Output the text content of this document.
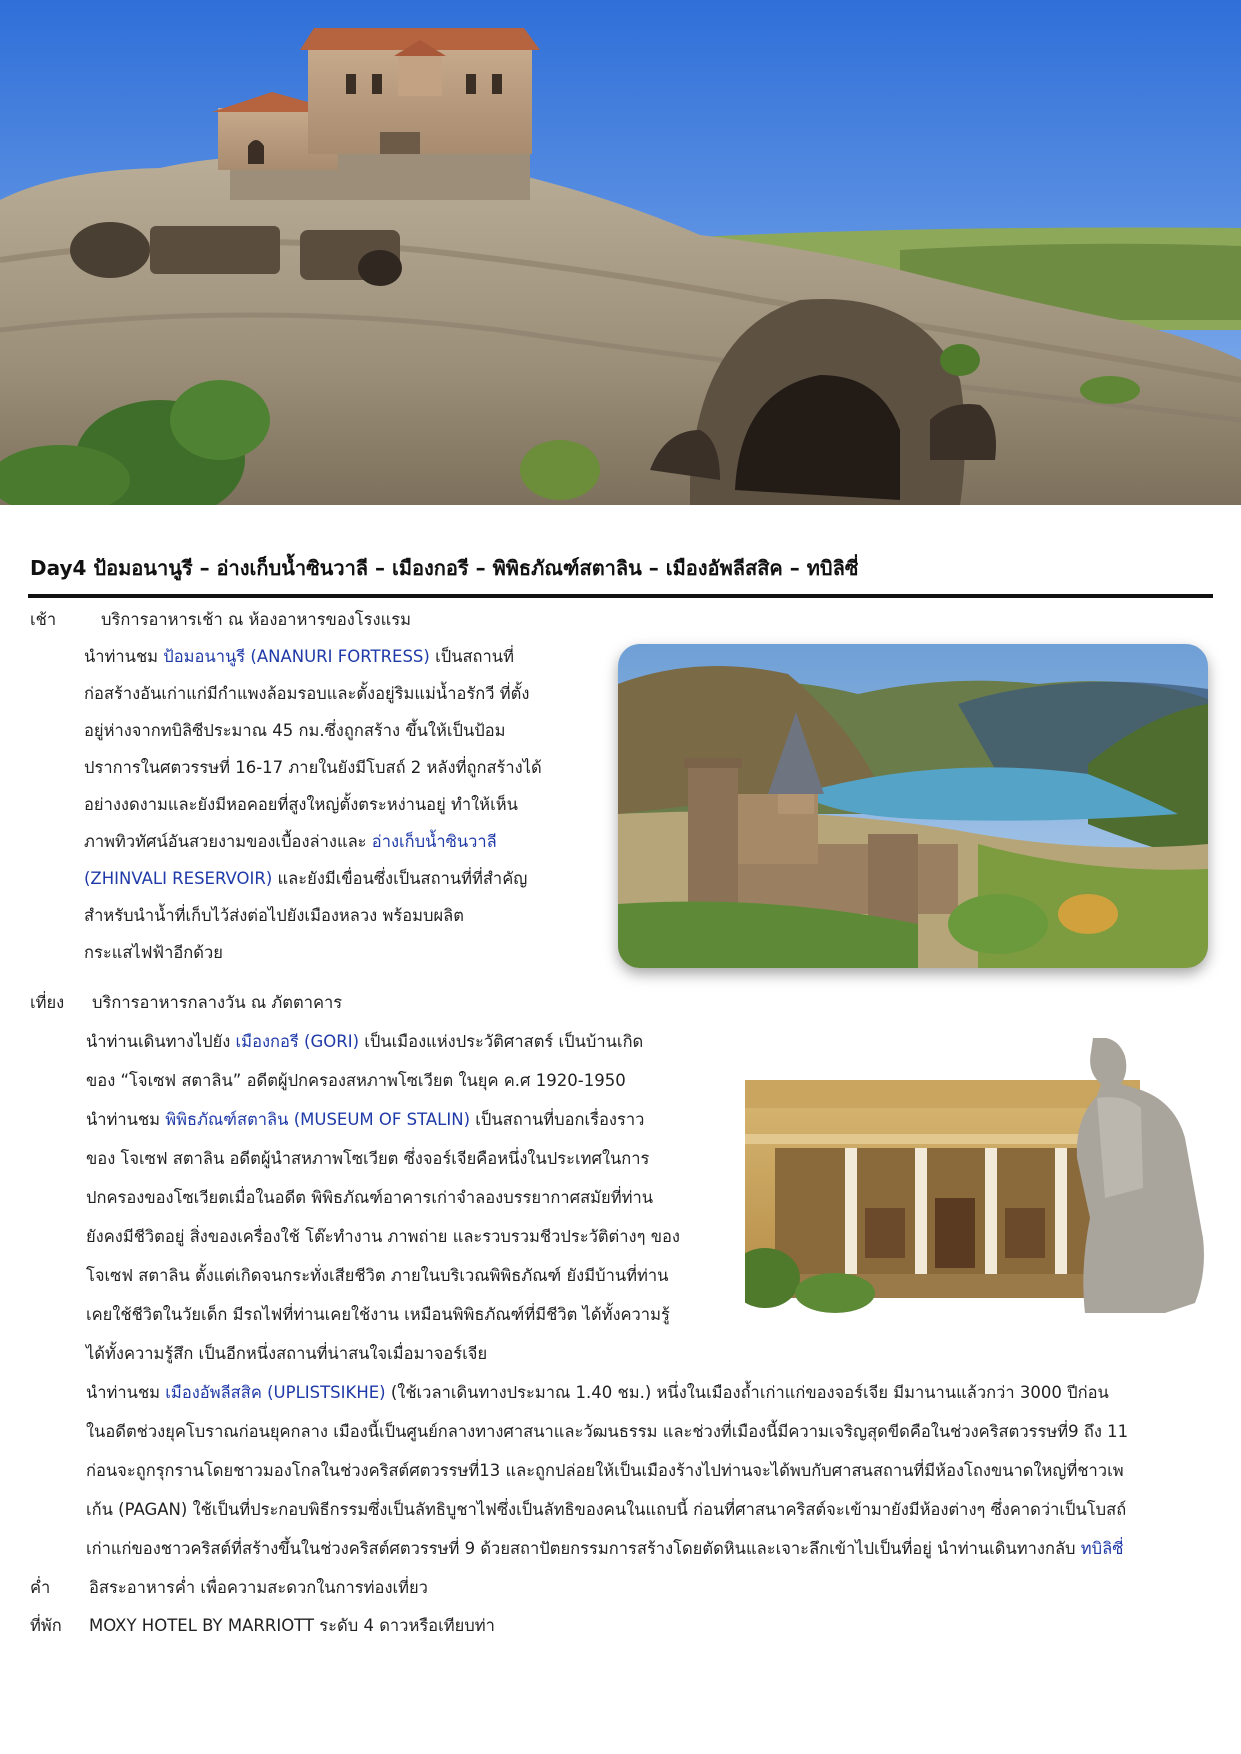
Day4 ป้อมอนานูรี – อ่างเก็บน้ำซินวาลี – เมืองกอรี – พิพิธภัณฑ์สตาลิน – เมืองอัพลีสสิค – ทบิลิซี่
เช้า	บริการอาหารเช้า ณ ห้องอาหารของโรงแรม
นำท่านชม ป้อมอนานูรี (ANANURI FORTRESS) เป็นสถานที่
ก่อสร้างอันเก่าแก่มีกำแพงล้อมรอบและตั้งอยู่ริมแม่น้ำอรักวี ที่ตั้ง
อยู่ห่างจากทบิลิซีประมาณ 45 กม.ซึ่งถูกสร้าง ขึ้นให้เป็นป้อม
ปราการในศตวรรษที่ 16-17 ภายในยังมีโบสถ์ 2 หลังที่ถูกสร้างได้
อย่างงดงามและยังมีหอคอยที่สูงใหญ่ตั้งตระหง่านอยู่ ทำให้เห็น
ภาพทิวทัศน์อันสวยงามของเบื้องล่างและ อ่างเก็บน้ำซินวาลี
(ZHINVALI RESERVOIR) และยังมีเขื่อนซึ่งเป็นสถานที่ที่สำคัญ
สำหรับนำน้ำที่เก็บไว้ส่งต่อไปยังเมืองหลวง พร้อมบผลิต
กระแสไฟฟ้าอีกด้วย
เที่ยง บริการอาหารกลางวัน ณ ภัตตาคาร
นำท่านเดินทางไปยัง เมืองกอรี (GORI) เป็นเมืองแห่งประวัติศาสตร์ เป็นบ้านเกิด
ของ “โจเซฟ สตาลิน” อดีตผู้ปกครองสหภาพโซเวียต ในยุค ค.ศ 1920-1950
นำท่านชม พิพิธภัณฑ์สตาลิน (MUSEUM OF STALIN) เป็นสถานที่บอกเรื่องราว
ของ โจเซฟ สตาลิน อดีตผู้นำสหภาพโซเวียต ซึ่งจอร์เจียคือหนึ่งในประเทศในการ
ปกครองของโซเวียตเมื่อในอดีต พิพิธภัณฑ์อาคารเก่าจำลองบรรยากาศสมัยที่ท่าน
ยังคงมีชีวิตอยู่ สิ่งของเครื่องใช้ โต๊ะทำงาน ภาพถ่าย และรวบรวมชีวประวัติต่างๆ ของ
โจเซฟ สตาลิน ตั้งแต่เกิดจนกระทั่งเสียชีวิต ภายในบริเวณพิพิธภัณฑ์ ยังมีบ้านที่ท่าน
เคยใช้ชีวิตในวัยเด็ก มีรถไฟที่ท่านเคยใช้งาน เหมือนพิพิธภัณฑ์ที่มีชีวิต ได้ทั้งความรู้
ได้ทั้งความรู้สึก เป็นอีกหนึ่งสถานที่น่าสนใจเมื่อมาจอร์เจีย
นำท่านชม เมืองอัพลีสสิค (UPLISTSIKHE) (ใช้เวลาเดินทางประมาณ 1.40 ชม.) หนึ่งในเมืองถ้ำเก่าแก่ของจอร์เจีย มีมานานแล้วกว่า 3000 ปีก่อน
ในอดีตช่วงยุคโบราณก่อนยุคกลาง เมืองนี้เป็นศูนย์กลางทางศาสนาและวัฒนธรรม และช่วงที่เมืองนี้มีความเจริญสุดขีดคือในช่วงคริสตวรรษที่9 ถึง 11
ก่อนจะถูกรุกรานโดยชาวมองโกลในช่วงคริสต์ศตวรรษที่13 และถูกปล่อยให้เป็นเมืองร้างไปท่านจะได้พบกับศาสนสถานที่มีห้องโถงขนาดใหญ่ที่ชาวเพ
เก้น (PAGAN) ใช้เป็นที่ประกอบพิธีกรรมซึ่งเป็นลัทธิบูชาไฟซึ่งเป็นลัทธิของคนในแถบนี้ ก่อนที่ศาสนาคริสต์จะเข้ามายังมีห้องต่างๆ ซึ่งคาดว่าเป็นโบสถ์
เก่าแก่ของชาวคริสต์ที่สร้างขึ้นในช่วงคริสต์ศตวรรษที่ 9 ด้วยสถาปัตยกรรมการสร้างโดยตัดหินและเจาะลึกเข้าไปเป็นที่อยู่ นำท่านเดินทางกลับ ทบิลิซี่
ค่ำ อิสระอาหารค่ำ เพื่อความสะดวกในการท่องเที่ยว
ที่พัก MOXY HOTEL BY MARRIOTT ระดับ 4 ดาวหรือเทียบท่า
